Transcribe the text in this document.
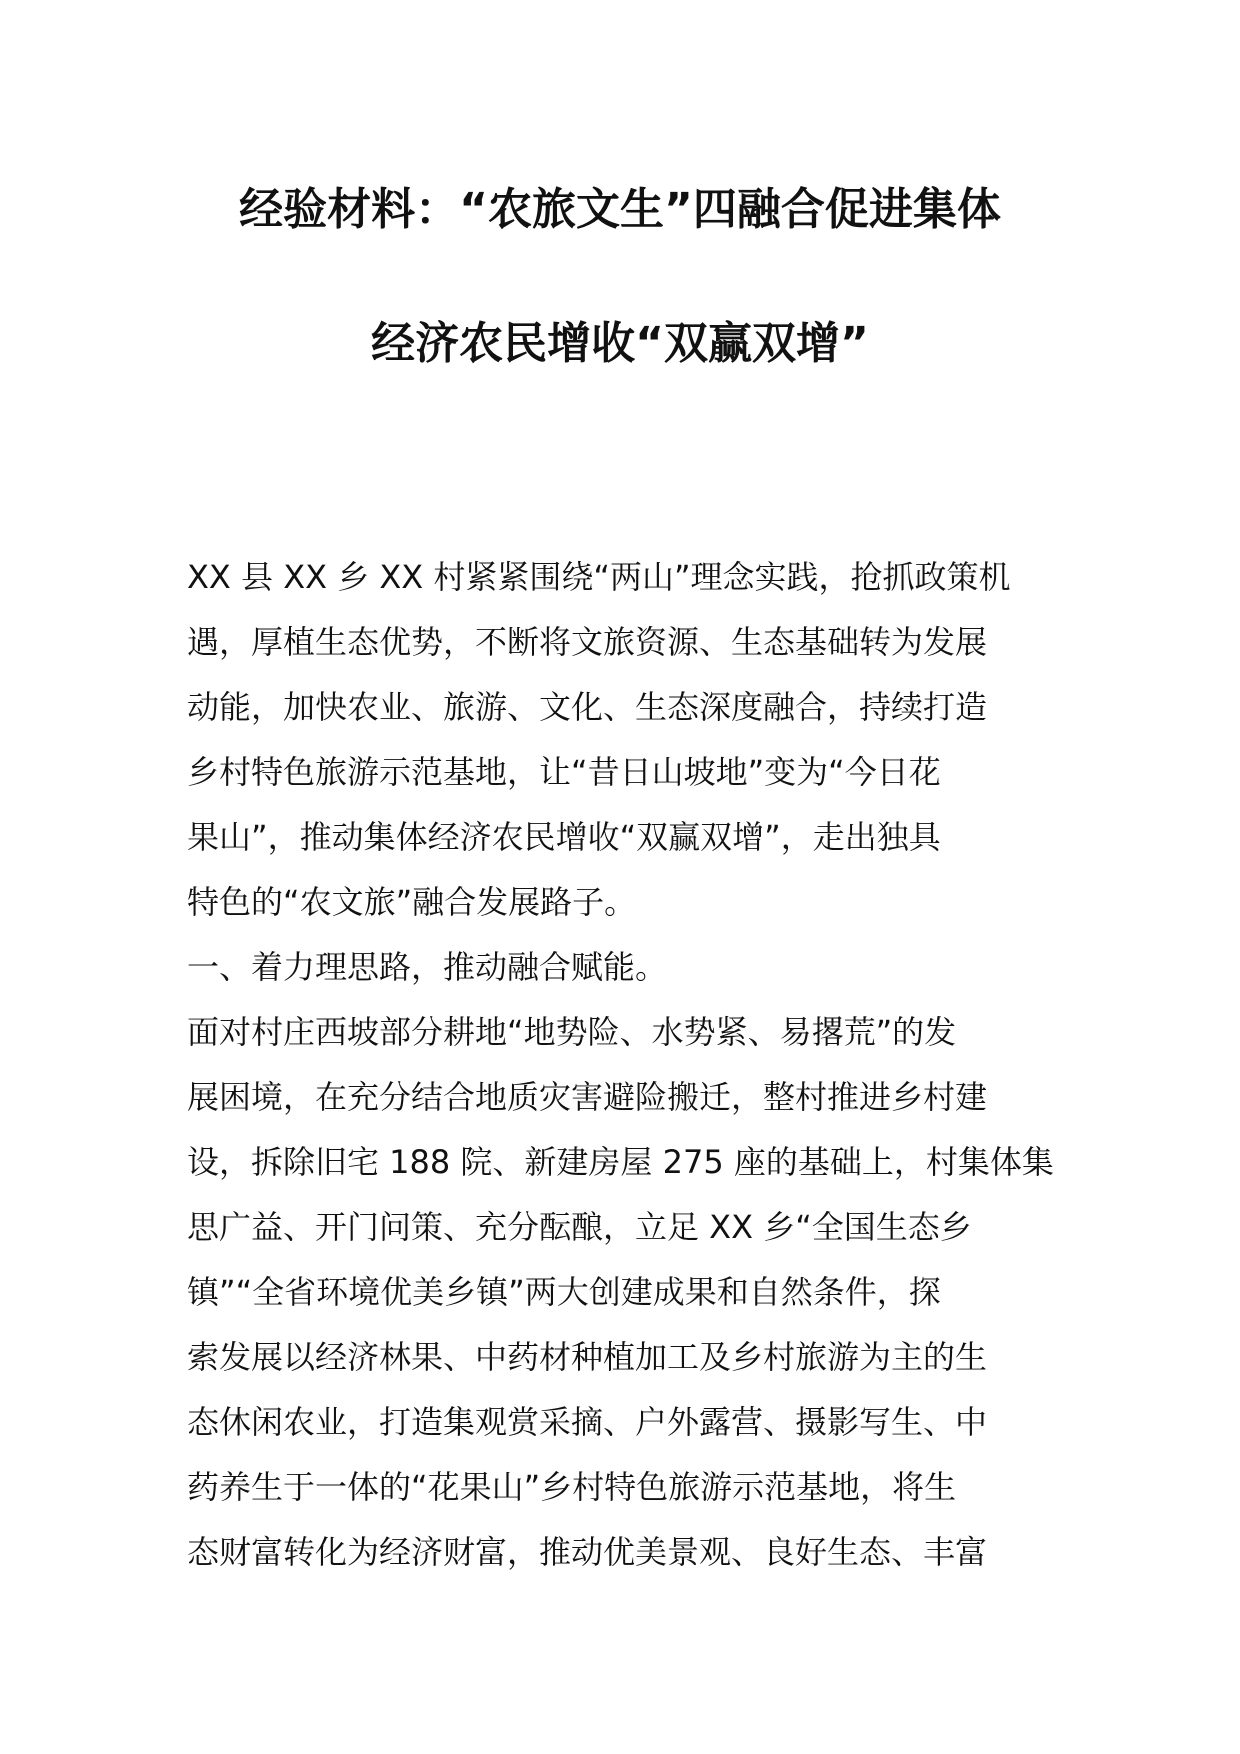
经验材料：“农旅文生”四融合促进集体

经济农民增收“双赢双增”

XX 县 XX 乡 XX 村紧紧围绕“两山”理念实践，抢抓政策机

遇，厚植生态优势，不断将文旅资源、生态基础转为发展

动能，加快农业、旅游、文化、生态深度融合，持续打造

乡村特色旅游示范基地，让“昔日山坡地”变为“今日花

果山”，推动集体经济农民增收“双赢双增”，走出独具

特色的“农文旅”融合发展路子。

一、着力理思路，推动融合赋能。

面对村庄西坡部分耕地“地势险、水势紧、易撂荒”的发

展困境，在充分结合地质灾害避险搬迁，整村推进乡村建

设，拆除旧宅 188 院、新建房屋 275 座的基础上，村集体集

思广益、开门问策、充分酝酿，立足 XX 乡“全国生态乡

镇”“全省环境优美乡镇”两大创建成果和自然条件，探

索发展以经济林果、中药材种植加工及乡村旅游为主的生

态休闲农业，打造集观赏采摘、户外露营、摄影写生、中

药养生于一体的“花果山”乡村特色旅游示范基地，将生

态财富转化为经济财富，推动优美景观、良好生态、丰富
